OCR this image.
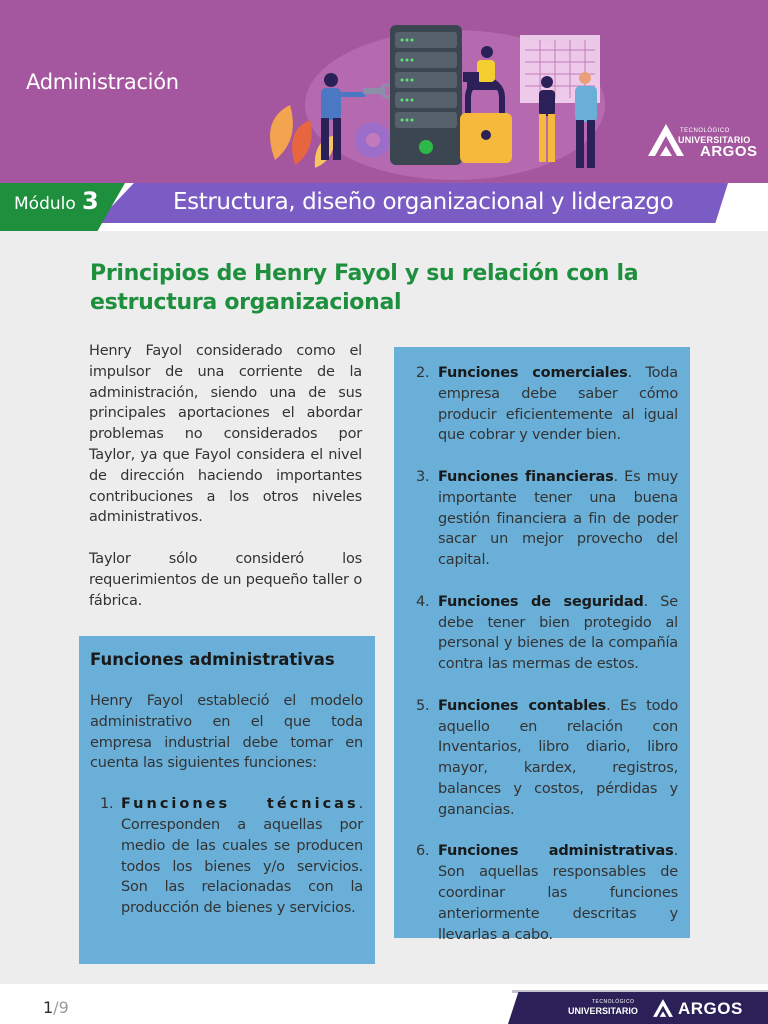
Administración
TECNOLÓGICO
UNIVERSITARIO
ARGOS
Módulo 3	Estructura, diseño organizacional y liderazgo
Principios de Henry Fayol y su relación con la estructura organizacional

Henry Fayol considerado como el impulsor de una corriente de la administración, siendo una de sus principales aportaciones el abordar problemas no considerados por Taylor, ya que Fayol considera el nivel de dirección haciendo importantes contribuciones a los otros niveles administrativos.

Taylor sólo consideró los requerimientos de un pequeño taller o fábrica.

Funciones administrativas
Henry Fayol estableció el modelo administrativo en el que toda empresa industrial debe tomar en cuenta las siguientes funciones:
1. Funciones técnicas. Corresponden a aquellas por medio de las cuales se producen todos los bienes y/o servicios. Son las relacionadas con la producción de bienes y servicios.
2. Funciones comerciales. Toda empresa debe saber cómo producir eficientemente al igual que cobrar y vender bien.
3. Funciones financieras. Es muy importante tener una buena gestión financiera a fin de poder sacar un mejor provecho del capital.
4. Funciones de seguridad. Se debe tener bien protegido al personal y bienes de la compañía contra las mermas de estos.
5. Funciones contables. Es todo aquello en relación con Inventarios, libro diario, libro mayor, kardex, registros, balances y costos, pérdidas y ganancias.
6. Funciones administrativas. Son aquellas responsables de coordinar las funciones anteriormente descritas y llevarlas a cabo.
1/9	TECNOLÓGICO
UNIVERSITARIO ARGOS
